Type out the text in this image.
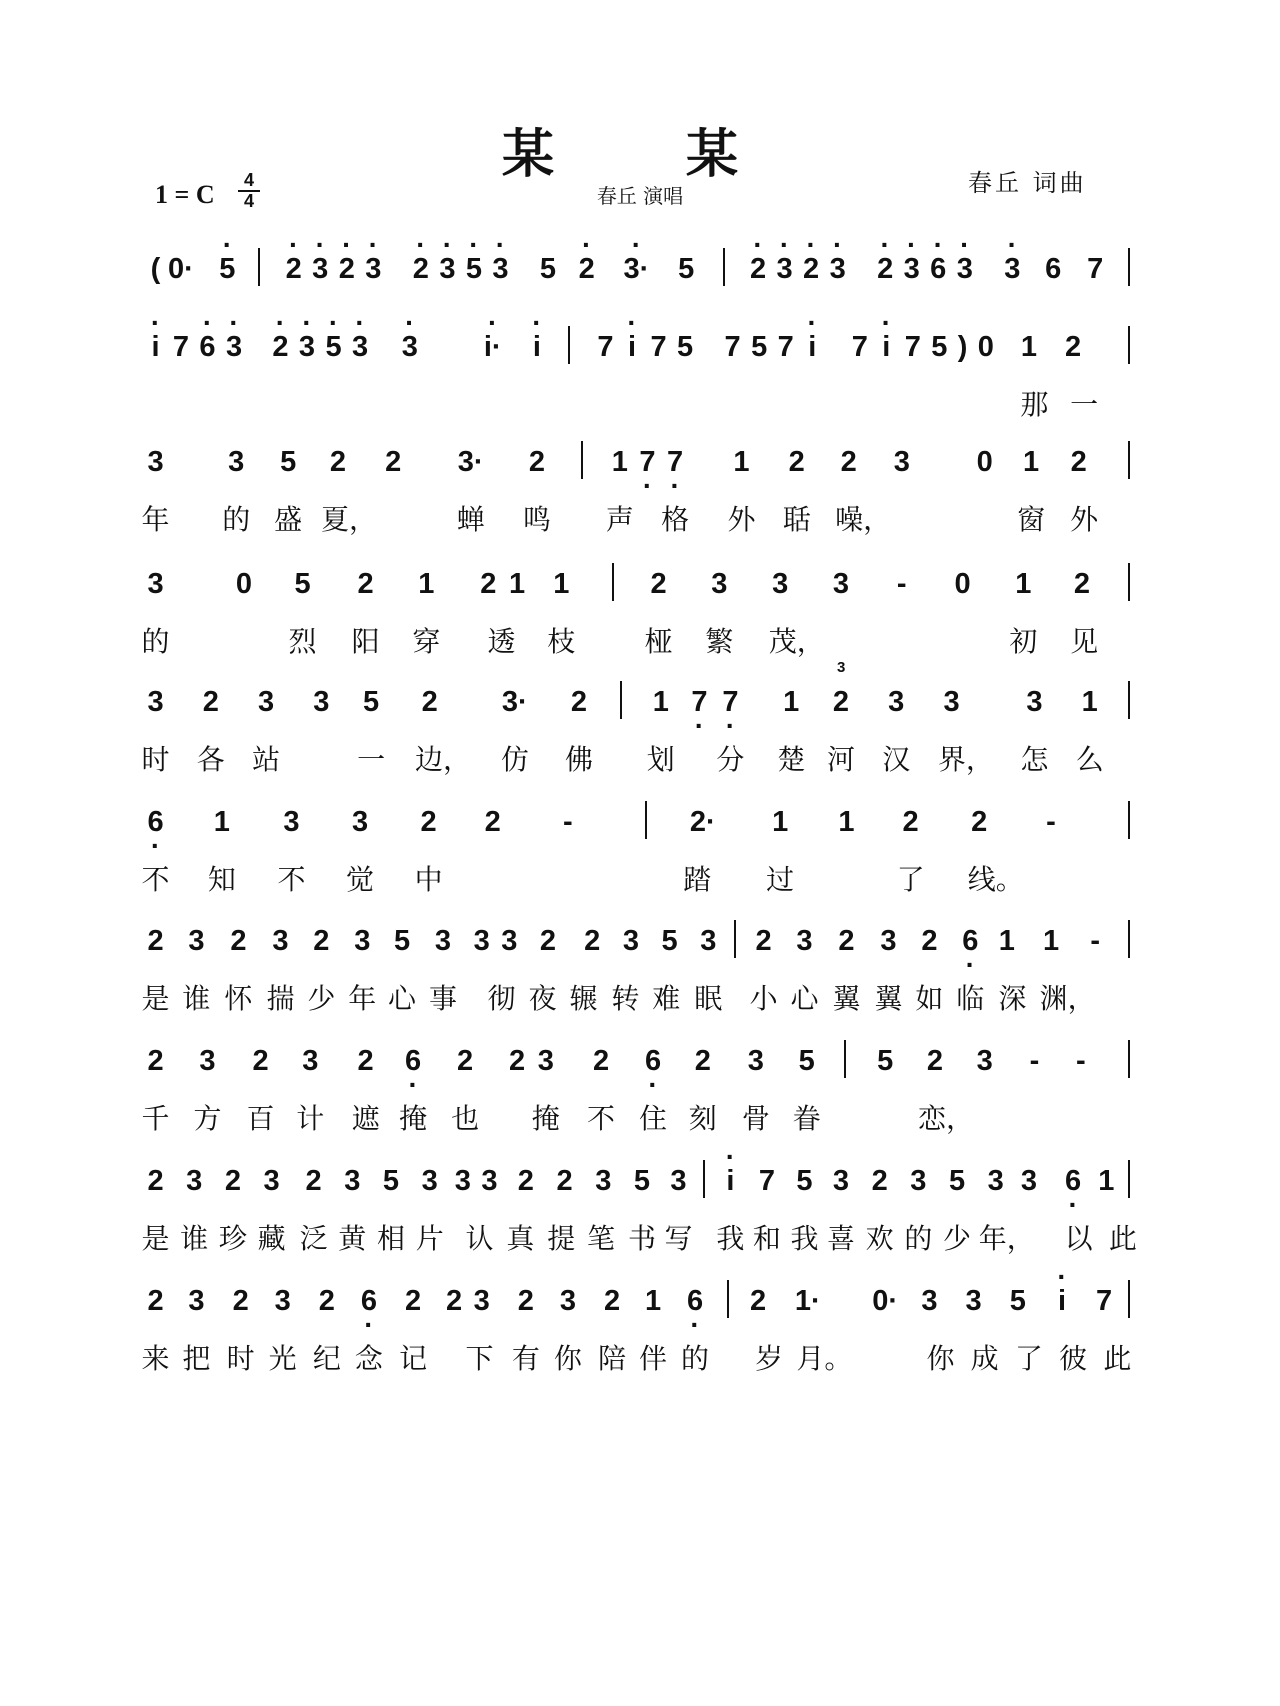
某　某
1 = C	4
4	春丘 演唱	春丘 词曲
( 0· · 5 · 2 · 3 · 2 · 3 · 2 · 3 · 5 · 3 5 · 2 · 3· 5 · 2 · 3 · 2 · 3 · 2 · 3 · 6 · 3 · 3 6 7
· i 7 · 6 · 3 · 2 · 3 · 5 · 3 · 3 · i· · i 7 · i 7 5 7 5 7 · i 7 · i 7 5 ) 0 1 2
那 一
3 3 5 2 2 3· 2 1 7 · 7 · 1 2 2 3 0 1 2
年 的 盛 夏，	蝉 鸣 声 格 外 聒 噪，	窗 外
3 0 5 2 1 2 1 1	2 3 3 3 - 0 1 2
的	烈 阳 穿 透 枝 桠 繁 茂，	初 见
3 2 3 3 5 2 3· 2 1 7 · 7 · 1 2 3 3 3 1
3
时 各 站	一 边， 仿 佛 划 分 楚 河 汉 界， 怎 么
6 · 1 3 3 2 2 -	2· 1 1 2 2 -
不 知 不 觉 中	踏 过	了 线。
2 3 2 3 2 3 5 3 3 3 2 2 3 5 3 2 3 2 3 2 6 · 1 1 -
是 谁 怀 揣 少 年 心 事 彻 夜 辗 转 难 眠 小 心 翼 翼 如 临 深 渊，
2 3 2 3 2 6 · 2 2 3 2 6 · 2 3 5 5 2 3 - -
千 方 百 计 遮 掩 也 掩 不 住 刻 骨 眷	恋，
2 3 2 3 2 3 5 3 3 3 2 2 3 5 3 · i 7 5 3 2 3 5 3 3 6 · 1
是 谁 珍 藏 泛 黄 相 片 认 真 提 笔 书 写 我 和 我 喜 欢 的 少 年， 以 此
2 3 2 3 2 6 · 2 2 3 2 3 2 1 6 · 2 1· 0· 3 3 5 · i 7
来 把 时 光 纪 念 记 下 有 你 陪 伴 的 岁 月。	你 成 了 彼 此
